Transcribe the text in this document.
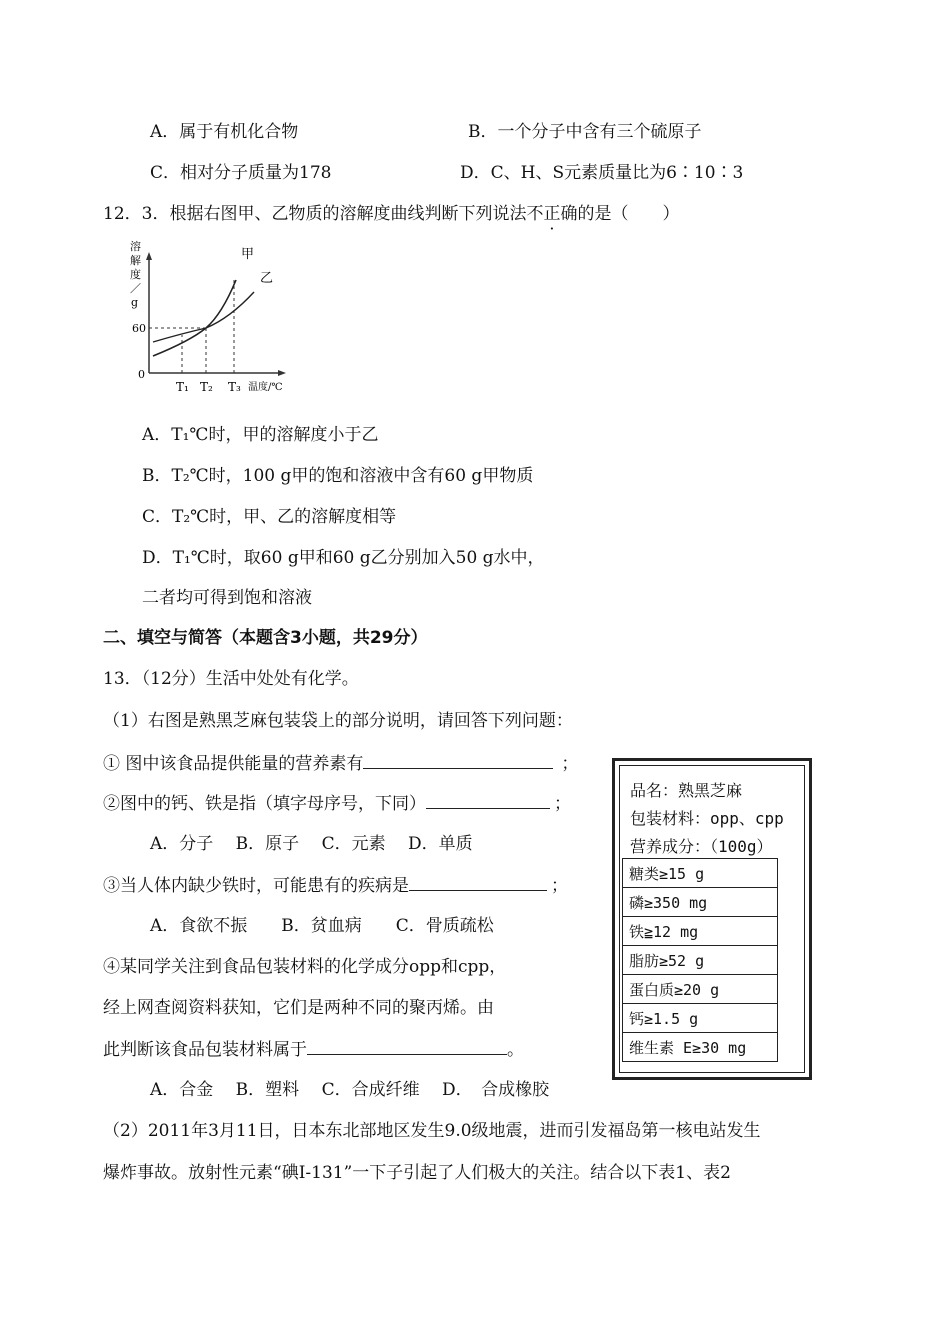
A．属于有机化合物	B．一个分子中含有三个硫原子
C．相对分子质量为178	D．C、H、S元素质量比为6∶10∶3
12．3．根据右图甲、乙物质的溶解度曲线判断下列说法不正确的是（　　）
溶
解
度
／
g
60
0
甲
乙
T₁ T₂ T₃ 温度/℃
A．T₁℃时，甲的溶解度小于乙
B．T₂℃时，100 g甲的饱和溶液中含有60 g甲物质
C．T₂℃时，甲、乙的溶解度相等
D．T₁℃时，取60 g甲和60 g乙分别加入50 g水中，
二者均可得到饱和溶液
二、填空与简答（本题含3小题，共29分）
13．（12分）生活中处处有化学。
（1）右图是熟黑芝麻包装袋上的部分说明，请回答下列问题：
① 图中该食品提供能量的营养素有	；
②图中的钙、铁是指（填字母序号，下同）	；
A．分子　 B．原子　 C．元素　 D．单质
③当人体内缺少铁时，可能患有的疾病是	；
A．食欲不振　　B．贫血病　　C．骨质疏松
④某同学关注到食品包装材料的化学成分opp和cpp，
经上网查阅资料获知，它们是两种不同的聚丙烯。由
此判断该食品包装材料属于	。
A．合金　 B．塑料　 C．合成纤维　 D．　合成橡胶
（2）2011年3月11日，日本东北部地区发生9.0级地震，进而引发福岛第一核电站发生
爆炸事故。放射性元素“碘I-131”一下子引起了人们极大的关注。结合以下表1、表2
品名：熟黑芝麻
包装材料：opp、cpp
营养成分：（100g）
糖类≥15 g
磷≥350 mg
铁≧12 mg
脂肪≥52 g
蛋白质≥20 g
钙≥1.5 g
维生素 E≥30 mg
